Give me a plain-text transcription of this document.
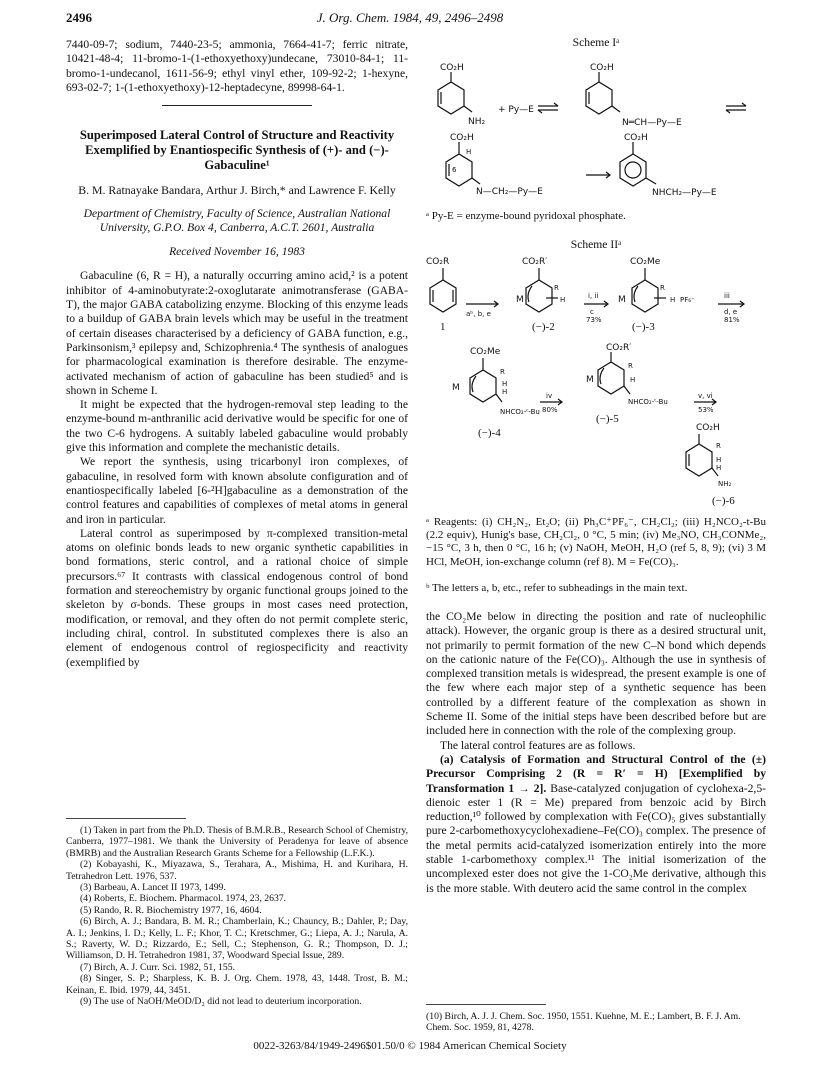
2496	J. Org. Chem. 1984, 49, 2496–2498

7440-09-7; sodium, 7440-23-5; ammonia, 7664-41-7; ferric nitrate, 10421-48-4; 11-bromo-1-(1-ethoxyethoxy)undecane, 73010-84-1; 11-bromo-1-undecanol, 1611-56-9; ethyl vinyl ether, 109-92-2; 1-hexyne, 693-02-7; 1-(1-ethoxyethoxy)-12-heptadecyne, 89998-64-1.

Superimposed Lateral Control of Structure and Reactivity Exemplified by Enantiospecific Synthesis of (+)- and (−)-Gabaculine¹
B. M. Ratnayake Bandara, Arthur J. Birch,* and Lawrence F. Kelly
Department of Chemistry, Faculty of Science, Australian National University, G.P.O. Box 4, Canberra, A.C.T. 2601, Australia
Received November 16, 1983

Gabaculine (6, R = H), a naturally occurring amino acid,² is a potent inhibitor of 4-aminobutyrate:2-oxoglutarate animotransferase (GABA-T), the major GABA catabolizing enzyme. Blocking of this enzyme leads to a buildup of GABA brain levels which may be useful in the treatment of certain diseases characterised by a deficiency of GABA function, e.g., Parkinsonism,³ epilepsy and, Schizophrenia.⁴ The synthesis of analogues for pharmacological examination is therefore desirable. The enzyme-activated mechanism of action of gabaculine has been studied⁵ and is shown in Scheme I.

It might be expected that the hydrogen-removal step leading to the enzyme-bound m-anthranilic acid derivative would be specific for one of the two C-6 hydrogens. A suitably labeled gabaculine would probably give this information and complete the mechanistic details.

We report the synthesis, using tricarbonyl iron complexes, of gabaculine, in resolved form with known absolute configuration and of enantiospecifically labeled [6-²H]gabaculine as a demonstration of the control features and capabilities of complexes of metal atoms in general and iron in particular.

Lateral control as superimposed by π-complexed transition-metal atoms on olefinic bonds leads to new organic synthetic capabilities in bond formations, steric control, and a rational choice of simple precursors.⁶⁷ It contrasts with classical endogenous control of bond formation and stereochemistry by organic functional groups joined to the skeleton by σ-bonds. These groups in most cases need protection, modification, or removal, and they often do not permit complete steric, including chiral, control. In substituted complexes there is also an element of endogenous control of regiospecificity and reactivity (exemplified by

(1) Taken in part from the Ph.D. Thesis of B.M.R.B., Research School of Chemistry, Canberra, 1977–1981. We thank the University of Peradenya for leave of absence (BMRB) and the Australian Research Grants Scheme for a Fellowship (L.F.K.).

(2) Kobayashi, K., Miyazawa, S., Terahara, A., Mishima, H. and Kurihara, H. Tetrahedron Lett. 1976, 537.

(3) Barbeau, A. Lancet II 1973, 1499.

(4) Roberts, E. Biochem. Pharmacol. 1974, 23, 2637.

(5) Rando, R. R. Biochemistry 1977, 16, 4604.

(6) Birch, A. J.; Bandara, B. M. R.; Chamberlain, K.; Chauncy, B.; Dahler, P.; Day, A. I.; Jenkins, I. D.; Kelly, L. F.; Khor, T. C.; Kretschmer, G.; Liepa, A. J.; Narula, A. S.; Raverty, W. D.; Rizzardo, E.; Sell, C.; Stephenson, G. R.; Thompson, D. J.; Williamson, D. H. Tetrahedron 1981, 37, Woodward Special Issue, 289.

(7) Birch, A. J. Curr. Sci. 1982, 51, 155.

(8) Singer, S. P.; Sharpless, K. B. J. Org. Chem. 1978, 43, 1448. Trost, B. M.; Keinan, E. Ibid. 1979, 44, 3451.

(9) The use of NaOH/MeOD/D₂ did not lead to deuterium incorporation.

Scheme Iᵃ
CO₂H
NH₂
+ Py—E
CO₂H
N═CH—Py—E
CO₂H
H
6
N—CH₂—Py—E
CO₂H
NHCH₂—Py—E
ᵃ Py-E = enzyme-bound pyridoxal phosphate.
Scheme IIᵃ
CO₂R
aᵇ, b, e
1
CO₂R′
M
R
H	i, ii
c
73%
(−)-2
CO₂Me
M
R
H PF₆⁻	iii
d, e
81%
(−)-3
CO₂Me
M
R
H
H
NHCO₂-ᵗ-Bu
iv
80%
(−)-4
CO₂R′
M
R
H
NHCO₂-ᵗ-Bu
v, vi
53%
(−)-5
CO₂H
R
H
H
NH₂
(−)-6
ᵃ Reagents: (i) CH₂N₂, Et₂O; (ii) Ph₃C⁺PF₆⁻, CH₂Cl₂; (iii) H₂NCO₂-t-Bu (2.2 equiv), Hunig's base, CH₂Cl₂, 0 °C, 5 min; (iv) Me₃NO, CH₃CONMe₂, −15 °C, 3 h, then 0 °C, 16 h; (v) NaOH, MeOH, H₂O (ref 5, 8, 9); (vi) 3 M HCl, MeOH, ion-exchange column (ref 8). M = Fe(CO)₃.
ᵇ The letters a, b, etc., refer to subheadings in the main text.

the CO₂Me below in directing the position and rate of nucleophilic attack). However, the organic group is there as a desired structural unit, not primarily to permit formation of the new C–N bond which depends on the cationic nature of the Fe(CO)₃. Although the use in synthesis of complexed transition metals is widespread, the present example is one of the few where each major step of a synthetic sequence has been controlled by a different feature of the complexation as shown in Scheme II. Some of the initial steps have been described before but are included here in connection with the role of the complexing group.

The lateral control features are as follows.

(a) Catalysis of Formation and Structural Control of the (±) Precursor Comprising 2 (R = R′ = H) [Exemplified by Transformation 1 → 2]. Base-catalyzed conjugation of cyclohexa-2,5-dienoic ester 1 (R = Me) prepared from benzoic acid by Birch reduction,¹⁰ followed by complexation with Fe(CO)₅ gives substantially pure 2-carbomethoxycyclohexadiene–Fe(CO)₃ complex. The presence of the metal permits acid-catalyzed isomerization entirely into the more stable 1-carbomethoxy complex.¹¹ The initial isomerization of the uncomplexed ester does not give the 1-CO₂Me derivative, although this is the more stable. With deutero acid the same control in the complex

(10) Birch, A. J. J. Chem. Soc. 1950, 1551. Kuehne, M. E.; Lambert, B. F. J. Am. Chem. Soc. 1959, 81, 4278.

0022-3263/84/1949-2496$01.50/0 © 1984 American Chemical Society
